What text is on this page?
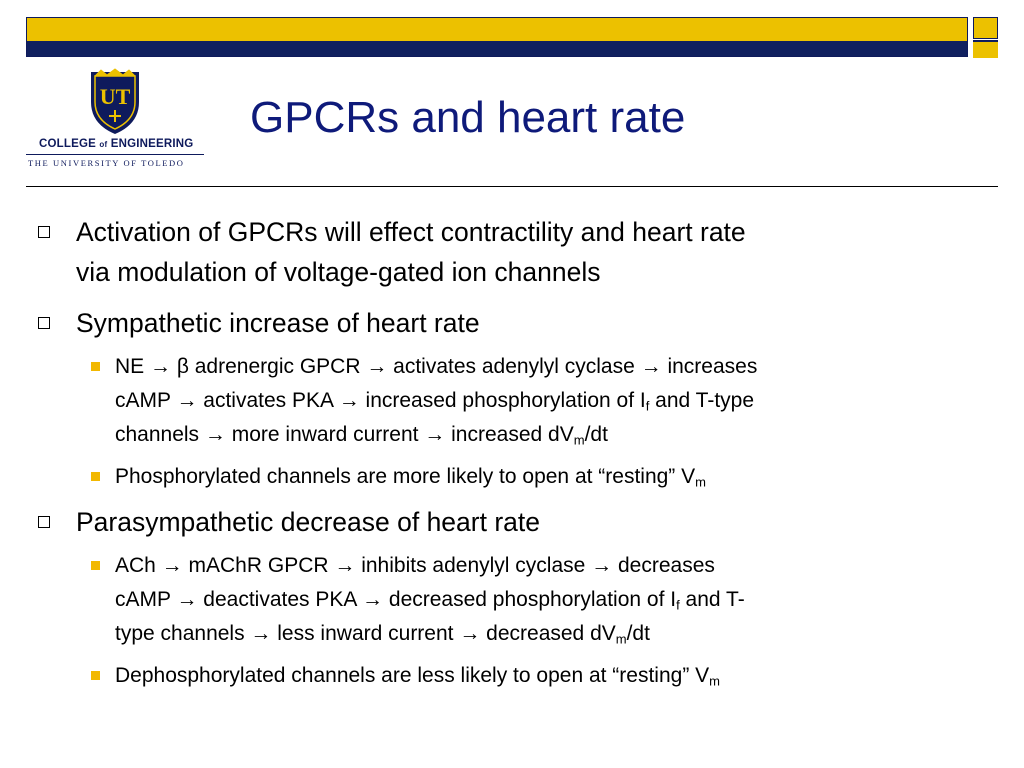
UT
COLLEGE of ENGINEERING
THE UNIVERSITY OF TOLEDO
GPCRs and heart rate
Activation of GPCRs will effect contractility and heart rate
via modulation of voltage-gated ion channels
Sympathetic increase of heart rate
NE → β adrenergic GPCR → activates adenylyl cyclase → increases
cAMP → activates PKA → increased phosphorylation of $I_f$ and T-type
channels → more inward current → increased $dV_m/dt$
Phosphorylated channels are more likely to open at “resting” $V_m$
Parasympathetic decrease of heart rate
ACh → mAChR GPCR → inhibits adenylyl cyclase → decreases
cAMP → deactivates PKA → decreased phosphorylation of $I_f$ and T-
type channels → less inward current → decreased $dV_m/dt$
Dephosphorylated channels are less likely to open at “resting” $V_m$
